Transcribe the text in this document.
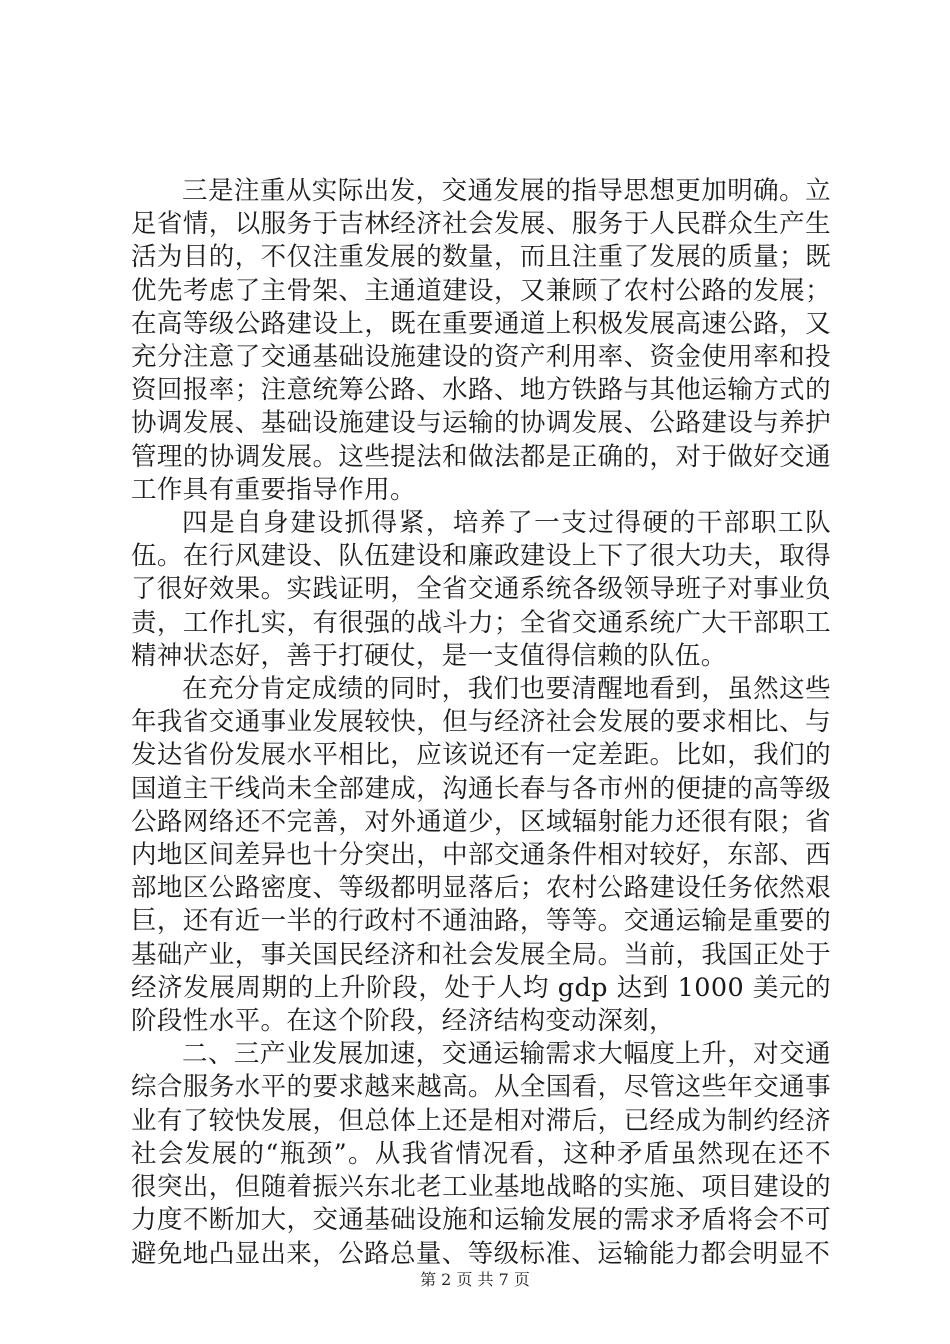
三是注重从实际出发，交通发展的指导思想更加明确。立足省情，以服务于吉林经济社会发展、服务于人民群众生产生活为目的，不仅注重发展的数量，而且注重了发展的质量；既优先考虑了主骨架、主通道建设，又兼顾了农村公路的发展；在高等级公路建设上，既在重要通道上积极发展高速公路，又充分注意了交通基础设施建设的资产利用率、资金使用率和投资回报率；注意统筹公路、水路、地方铁路与其他运输方式的协调发展、基础设施建设与运输的协调发展、公路建设与养护管理的协调发展。这些提法和做法都是正确的，对于做好交通工作具有重要指导作用。

四是自身建设抓得紧，培养了一支过得硬的干部职工队伍。在行风建设、队伍建设和廉政建设上下了很大功夫，取得了很好效果。实践证明，全省交通系统各级领导班子对事业负责，工作扎实，有很强的战斗力；全省交通系统广大干部职工精神状态好，善于打硬仗，是一支值得信赖的队伍。

在充分肯定成绩的同时，我们也要清醒地看到，虽然这些年我省交通事业发展较快，但与经济社会发展的要求相比、与发达省份发展水平相比，应该说还有一定差距。比如，我们的国道主干线尚未全部建成，沟通长春与各市州的便捷的高等级公路网络还不完善，对外通道少，区域辐射能力还很有限；省内地区间差异也十分突出，中部交通条件相对较好，东部、西部地区公路密度、等级都明显落后；农村公路建设任务依然艰巨，还有近一半的行政村不通油路，等等。交通运输是重要的基础产业，事关国民经济和社会发展全局。当前，我国正处于经济发展周期的上升阶段，处于人均 gdp 达到 1000 美元的阶段性水平。在这个阶段，经济结构变动深刻，

二、三产业发展加速，交通运输需求大幅度上升，对交通综合服务水平的要求越来越高。从全国看，尽管这些年交通事业有了较快发展，但总体上还是相对滞后，已经成为制约经济社会发展的“瓶颈”。从我省情况看，这种矛盾虽然现在还不很突出，但随着振兴东北老工业基地战略的实施、项目建设的力度不断加大，交通基础设施和运输发展的需求矛盾将会不可避免地凸显出来，公路总量、等级标准、运输能力都会明显不

第 2 页 共 7 页
